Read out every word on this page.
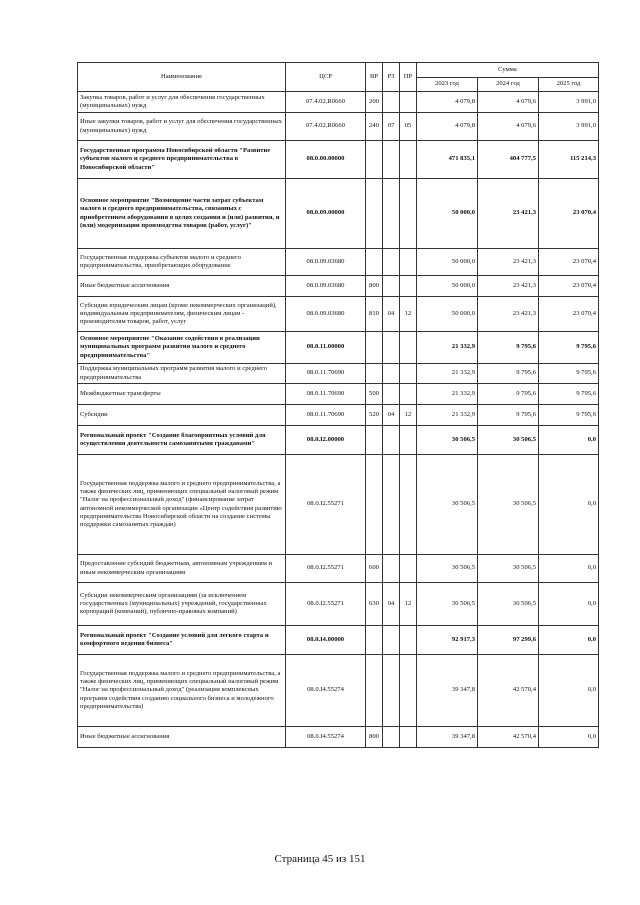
Наименование	ЦСР	ВР	РЗ	ПР	Сумма		
					2023 год	2024 год	2025 год
Закупка товаров, работ и услуг для обеспечения государственных (муниципальных) нужд	07.4.02.R0660	200			4 079,8	4 079,6	3 991,0
Иные закупки товаров, работ и услуг для обеспечения государственных (муниципальных) нужд	07.4.02.R0660	240	07	05	4 079,8	4 079,6	3 991,0
Государственная программа Новосибирской области "Развитие субъектов малого и среднего предпринимательства в Новосибирской области"	08.0.00.00000				471 835,1	404 777,5	115 214,3
Основное мероприятие "Возмещение части затрат субъектам малого и среднего предпринимательства, связанных с приобретением оборудования в целях создания и (или) развития, и (или) модернизации производства товаров (работ, услуг)"	08.0.09.00000				50 000,0	23 421,3	23 070,4
Государственная поддержка субъектов малого и среднего предпринимательства, приобретающих оборудование	08.0.09.03680				50 000,0	23 421,3	23 070,4
Иные бюджетные ассигнования	08.0.09.03680	800			50 000,0	23 421,3	23 070,4
Субсидии юридическим лицам (кроме некоммерческих организаций), индивидуальным предпринимателям, физическим лицам - производителям товаров, работ, услуг	08.0.09.03680	810	04	12	50 000,0	23 421,3	23 070,4
Основное мероприятие "Оказание содействия в реализации муниципальных программ развития малого и среднего предпринимательства"	08.0.11.00000				21 332,9	9 795,6	9 795,6
Поддержка муниципальных программ развития малого и среднего предпринимательства	08.0.11.70690				21 332,9	9 795,6	9 795,6
Межбюджетные трансферты	08.0.11.70690	500			21 332,9	9 795,6	9 795,6
Субсидии	08.0.11.70690	520	04	12	21 332,9	9 795,6	9 795,6
Региональный проект "Создание благоприятных условий для осуществления деятельности самозанятыми гражданами"	08.0.I2.00000				30 506,5	30 506,5	0,0
Государственная поддержка малого и среднего предпринимательства, а также физических лиц, применяющих специальный налоговый режим "Налог на профессиональный доход" (финансирование затрат автономной некоммерческой организации «Центр содействия развитию предпринимательства Новосибирской области на создание системы поддержки самозанятых граждан)	08.0.I2.55271				30 506,5	30 506,5	0,0
Предоставление субсидий бюджетным, автономным учреждениям и иным некоммерческим организациям	08.0.I2.55271	600			30 506,5	30 506,5	0,0
Субсидии некоммерческим организациям (за исключением государственных (муниципальных) учреждений, государственных корпораций (компаний), публично-правовых компаний)	08.0.I2.55271	630	04	12	30 506,5	30 506,5	0,0
Региональный проект "Создание условий для легкого старта и комфортного ведения бизнеса"	08.0.I4.00000				92 917,3	97 299,6	0,0
Государственная поддержка малого и среднего предпринимательства, а также физических лиц, применяющих специальный налоговый режим "Налог на профессиональный доход" (реализация комплексных программ содействия созданию социального бизнеса и молодежного предпринимательства)	08.0.I4.55274				39 347,8	42 570,4	0,0
Иные бюджетные ассигнования	08.0.I4.55274	800			39 347,8	42 570,4	0,0
Страница 45 из 151
